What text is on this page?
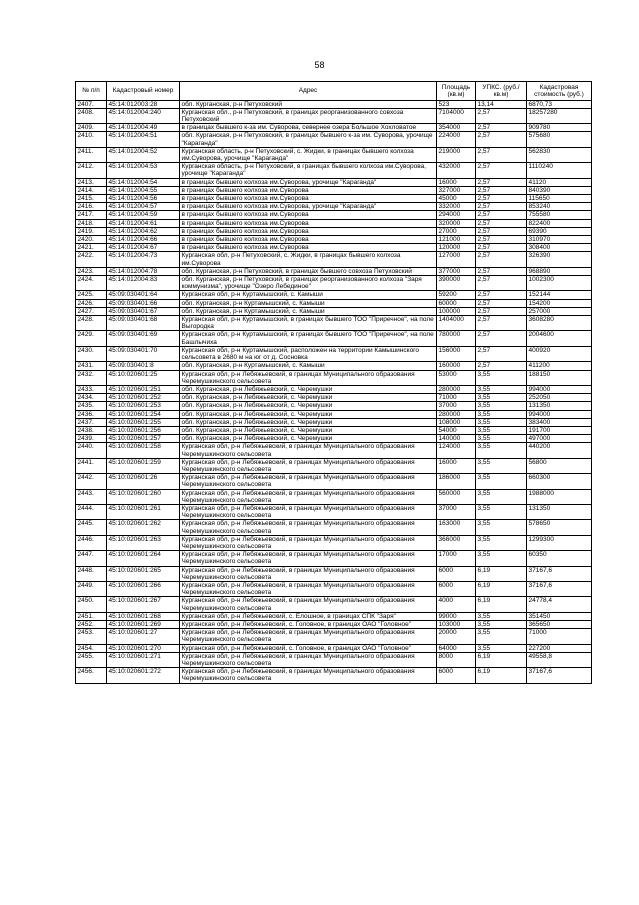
58
№ п/п	Кадастровый номер	Адрес	Площадь (кв.м)	УПКС. (руб./кв.м)	Кадастровая стоимость (руб.)
2407.	45:14:012003:28	обл. Курганская, р-н Петуховский	523	13,14	6870,73
2408.	45:14:012004:240	Курганская обл., р-н Петуховский, в границах реорганизованного совхоза Петуховский	7104000	2,57	18257280
2409.	45:14:012004:49	в границах бывшего к-за им. Суворова, севернее озера Большое Хохловатое	354000	2,57	909780
2410.	45:14:012004:51	обл. Курганская, р-н Петуховский, в границах бывшего к-за им. Суворова, урочище "Караганда"	224000	2,57	575680
2411.	45:14:012004:52	Курганская область, р-н Петуховский, с. Жидки, в границах бывшего колхоза им.Суворова, урочище "Караганда"	219000	2,57	562830
2412.	45:14:012004:53	Курганская область, р-н Петуховский, в границах бывшего колхоза им.Суворова, урочище "Караганда"	432000	2,57	1110240
2413.	45:14:012004:54	в границах бывшего колхоза им.Суворова, урочище "Караганда"	16000	2,57	41120
2414.	45:14:012004:55	в границах бывшего колхоза им.Суворова	327000	2,57	840390
2415.	45:14:012004:56	в границах бывшего колхоза им.Суворова	45000	2,57	115650
2416.	45:14:012004:57	в границах бывшего колхоза им.Суворова, урочище "Караганда"	332000	2,57	853240
2417.	45:14:012004:59	в границах бывшего колхоза им.Суворова	294000	2,57	755580
2418.	45:14:012004:61	в границах бывшего колхоза им.Суворова	320000	2,57	822400
2419.	45:14:012004:62	в границах бывшего колхоза им.Суворова	27000	2,57	69390
2420.	45:14:012004:66	в границах бывшего колхоза им.Суворова	121000	2,57	310970
2421.	45:14:012004:67	в границах бывшего колхоза им.Суворова	120000	2,57	308400
2422.	45:14:012004:73	Курганская обл, р-н Петуховский, с. Жидки, в границах бывшего колхоза им.Суворова	127000	2,57	326390
2423.	45:14:012004:78	обл. Курганская, р-н Петуховский, в границах бывшего совхоза Петуховский	377000	2,57	968890
2424.	45:14:012004:83	обл. Курганская, р-н Петуховский, в границах реорганизованного колхоза "Заря коммунизма", урочище "Озеро Лебединое"	390000	2,57	1002300
2425.	45:09:030401:64	Курганская обл, р-н Куртамышский, с. Камыши	59200	2,57	152144
2426.	45:09:030401:66	обл. Курганская, р-н Куртамышский, с. Камыши	60000	2,57	154200
2427.	45:09:030401:67	обл. Курганская, р-н Куртамышский, с. Камыши	100000	2,57	257000
2428.	45:09:030401:68	Курганская обл, р-н Куртамышский, в границах бывшего ТОО "Приречное", на поле Выгородка	1404000	2,57	3608280
2429.	45:09:030401:69	Курганская обл, р-н Куртамышский, в границах бывшего ТОО "Приречное", на поле Башлычиха	780000	2,57	2004600
2430.	45:09:030401:70	Курганская обл, р-н Куртамышский, расположен на территории Камышинского сельсовета в 2680 м на юг от д. Сосновка	156000	2,57	400920
2431.	45:09:030401:8	обл. Курганская, р-н Куртамышский, с. Камыши	160000	2,57	411200
2432.	45:10:020601:25	Курганская обл, р-н Лебяжьевский, в границах Муниципального образования Черемушкинского сельсовета	53000	3,55	188150
2433.	45:10:020601:251	обл. Курганская, р-н Лебяжьевский, с. Черемушки	280000	3,55	994000
2434.	45:10:020601:252	обл. Курганская, р-н Лебяжьевский, с. Черемушки	71000	3,55	252050
2435.	45:10:020601:253	обл. Курганская, р-н Лебяжьевский, с. Черемушки	37000	3,55	131350
2436.	45:10:020601:254	обл. Курганская, р-н Лебяжьевский, с. Черемушки	280000	3,55	994000
2437.	45:10:020601:255	обл. Курганская, р-н Лебяжьевский, с. Черемушки	108000	3,55	383400
2438.	45:10:020601:256	обл. Курганская, р-н Лебяжьевский, с. Черемушки	54000	3,55	191700
2439.	45:10:020601:257	обл. Курганская, р-н Лебяжьевский, с. Черемушки	140000	3,55	497000
2440.	45:10:020601:258	Курганская обл, р-н Лебяжьевский, в границах Муниципального образования Черемушкинского сельсовета	124000	3,55	440200
2441.	45:10:020601:259	Курганская обл, р-н Лебяжьевский, в границах Муниципального образования Черемушкинского сельсовета	16000	3,55	56800
2442.	45:10:020601:26	Курганская обл, р-н Лебяжьевский, в границах Муниципального образования Черемушкинского сельсовета	186000	3,55	660300
2443.	45:10:020601:260	Курганская обл, р-н Лебяжьевский, в границах Муниципального образования Черемушкинского сельсовета	560000	3,55	1988000
2444.	45:10:020601:261	Курганская обл, р-н Лебяжьевский, в границах Муниципального образования Черемушкинского сельсовета	37000	3,55	131350
2445.	45:10:020601:262	Курганская обл, р-н Лебяжьевский, в границах Муниципального образования Черемушкинского сельсовета	163000	3,55	578650
2446.	45:10:020601:263	Курганская обл, р-н Лебяжьевский, в границах Муниципального образования Черемушкинского сельсовета	366000	3,55	1299300
2447.	45:10:020601:264	Курганская обл, р-н Лебяжьевский, в границах Муниципального образования Черемушкинского сельсовета	17000	3,55	60350
2448.	45:10:020601:265	Курганская обл, р-н Лебяжьевский, в границах Муниципального образования Черемушкинского сельсовета	6000	6,19	37167,6
2449.	45:10:020601:266	Курганская обл, р-н Лебяжьевский, в границах Муниципального образования Черемушкинского сельсовета	6000	6,19	37167,6
2450.	45:10:020601:267	Курганская обл, р-н Лебяжьевский, в границах Муниципального образования Черемушкинского сельсовета	4000	6,19	24778,4
2451.	45:10:020601:268	Курганская обл, р-н Лебяжьевский, с. Елошное, в границах СПК "Заря"	99000	3,55	351450
2452.	45:10:020601:269	Курганская обл, р-н Лебяжьевский, с. Головное, в границах ОАО "Головное"	103000	3,55	365650
2453.	45:10:020601:27	Курганская обл, р-н Лебяжьевский, в границах Муниципального образования Черемушкинского сельсовета	20000	3,55	71000
2454.	45:10:020601:270	Курганская обл, р-н Лебяжьевский, с. Головное, в границах ОАО "Головное"	64000	3,55	227200
2455.	45:10:020601:271	Курганская обл, р-н Лебяжьевский, в границах Муниципального образования Черемушкинского сельсовета	8000	6,19	49558,8
2456.	45:10:020601:272	Курганская обл, р-н Лебяжьевский, в границах Муниципального образования Черемушкинского сельсовета	6000	6,19	37167,6
